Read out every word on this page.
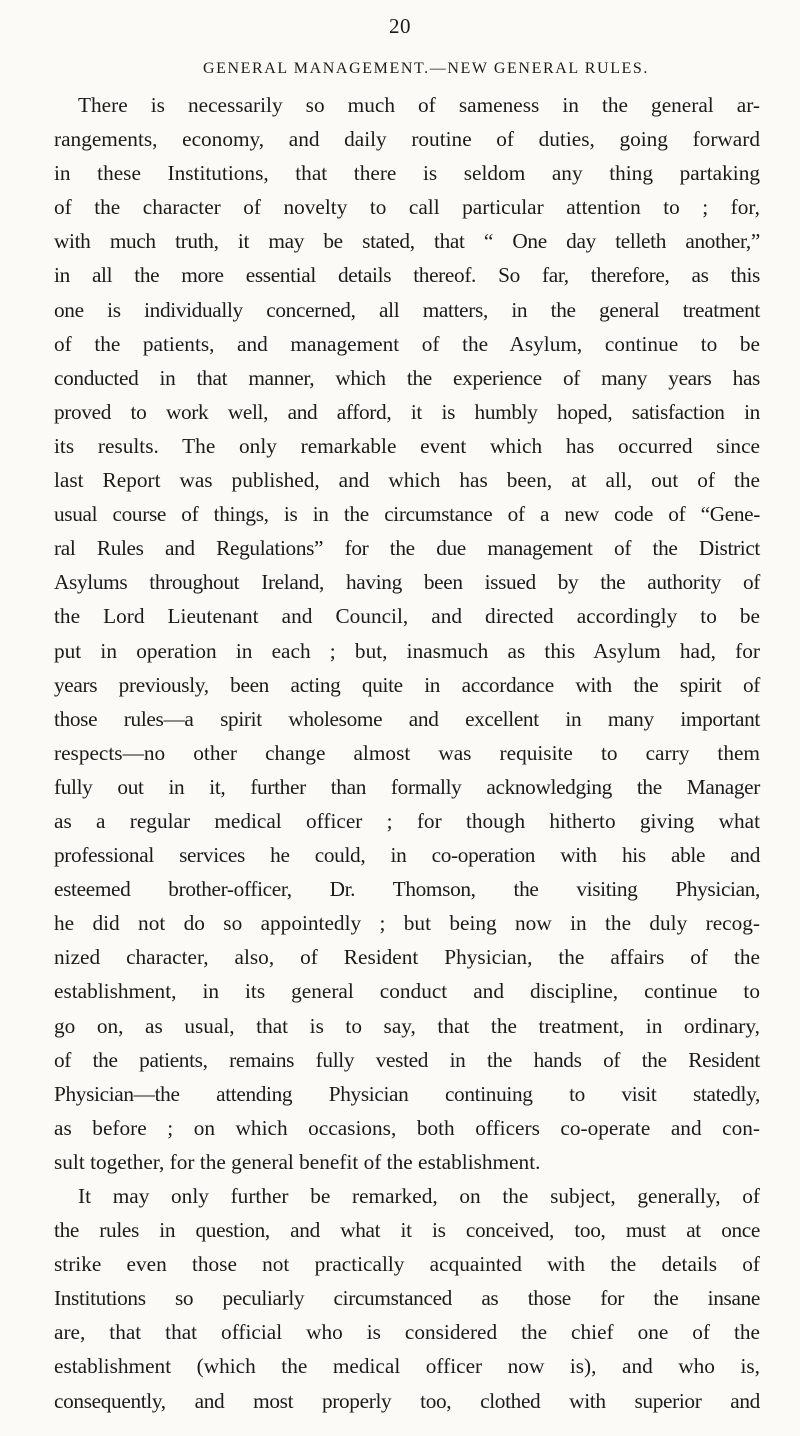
20
GENERAL MANAGEMENT.—NEW GENERAL RULES.
There is necessarily so much of sameness in the general ar-
rangements, economy, and daily routine of duties, going forward
in these Institutions, that there is seldom any thing partaking
of the character of novelty to call particular attention to ; for,
with much truth, it may be stated, that “ One day telleth another,”
in all the more essential details thereof. So far, therefore, as this
one is individually concerned, all matters, in the general treatment
of the patients, and management of the Asylum, continue to be
conducted in that manner, which the experience of many years has
proved to work well, and afford, it is humbly hoped, satisfaction in
its results. The only remarkable event which has occurred since
last Report was published, and which has been, at all, out of the
usual course of things, is in the circumstance of a new code of “Gene-
ral Rules and Regulations” for the due management of the District
Asylums throughout Ireland, having been issued by the authority of
the Lord Lieutenant and Council, and directed accordingly to be
put in operation in each ; but, inasmuch as this Asylum had, for
years previously, been acting quite in accordance with the spirit of
those rules—a spirit wholesome and excellent in many important
respects—no other change almost was requisite to carry them
fully out in it, further than formally acknowledging the Manager
as a regular medical officer ; for though hitherto giving what
professional services he could, in co-operation with his able and
esteemed brother-officer, Dr. Thomson, the visiting Physician,
he did not do so appointedly ; but being now in the duly recog-
nized character, also, of Resident Physician, the affairs of the
establishment, in its general conduct and discipline, continue to
go on, as usual, that is to say, that the treatment, in ordinary,
of the patients, remains fully vested in the hands of the Resident
Physician—the attending Physician continuing to visit statedly,
as before ; on which occasions, both officers co-operate and con-
sult together, for the general benefit of the establishment.
It may only further be remarked, on the subject, generally, of
the rules in question, and what it is conceived, too, must at once
strike even those not practically acquainted with the details of
Institutions so peculiarly circumstanced as those for the insane
are, that that official who is considered the chief one of the
establishment (which the medical officer now is), and who is,
consequently, and most properly too, clothed with superior and
